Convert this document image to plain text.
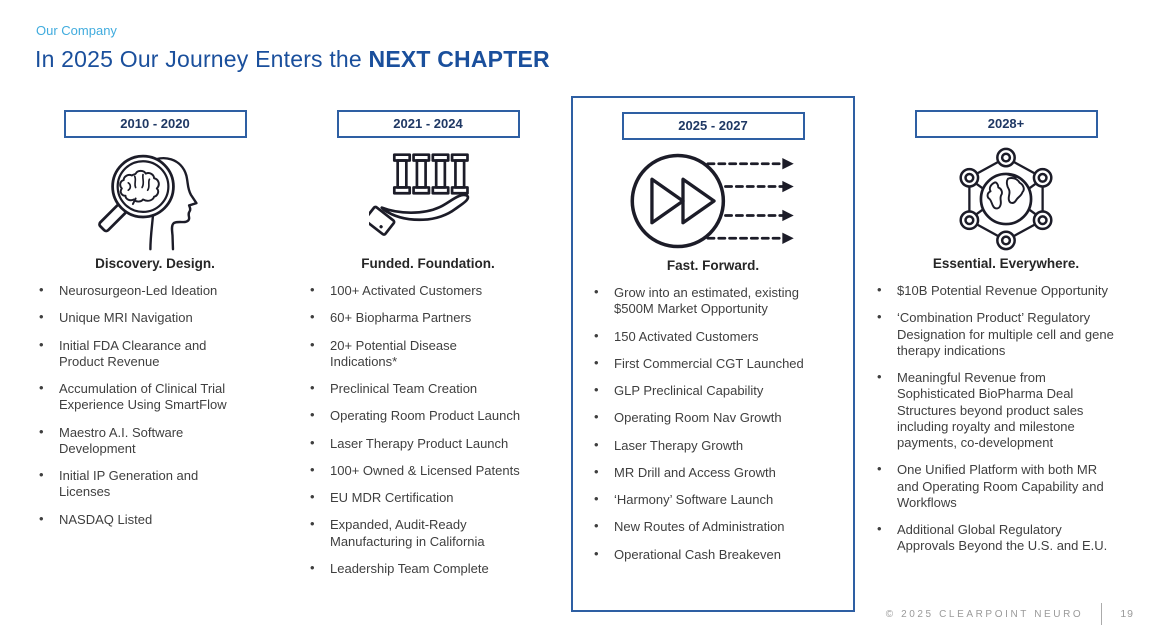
Our Company
In 2025 Our Journey Enters the NEXT CHAPTER
2010 - 2020
Discovery. Design.
• Neurosurgeon-Led Ideation
• Unique MRI Navigation
• Initial FDA Clearance and Product Revenue
• Accumulation of Clinical Trial Experience Using SmartFlow
• Maestro A.I. Software Development
• Initial IP Generation and Licenses
• NASDAQ Listed
2021 - 2024
Funded. Foundation.
• 100+ Activated Customers
• 60+ Biopharma Partners
• 20+ Potential Disease Indications*
• Preclinical Team Creation
• Operating Room Product Launch
• Laser Therapy Product Launch
• 100+ Owned & Licensed Patents
• EU MDR Certification
• Expanded, Audit-Ready Manufacturing in California
• Leadership Team Complete
2025 - 2027
Fast. Forward.
• Grow into an estimated, existing $500M Market Opportunity
• 150 Activated Customers
• First Commercial CGT Launched
• GLP Preclinical Capability
• Operating Room Nav Growth
• Laser Therapy Growth
• MR Drill and Access Growth
• ‘Harmony’ Software Launch
• New Routes of Administration
• Operational Cash Breakeven
2028+
Essential. Everywhere.
• $10B Potential Revenue Opportunity
• ‘Combination Product’ Regulatory Designation for multiple cell and gene therapy indications
• Meaningful Revenue from Sophisticated BioPharma Deal Structures beyond product sales including royalty and milestone payments, co-development
• One Unified Platform with both MR and Operating Room Capability and Workflows
• Additional Global Regulatory Approvals Beyond the U.S. and E.U.
© 2025 CLEARPOINT NEURO	19
